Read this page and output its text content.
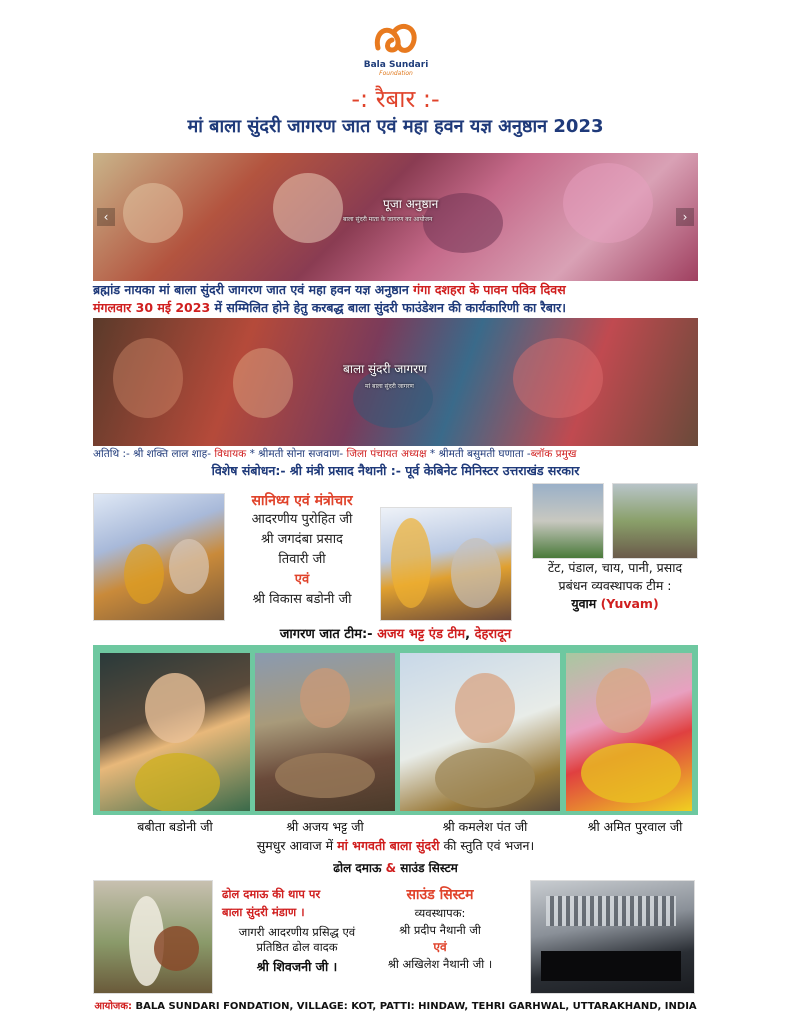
Bala Sundari
Foundation
-: रैबार :-
मां बाला सुंदरी जागरण जात एवं महा हवन यज्ञ अनुष्ठान 2023
पूजा अनुष्ठान
बाला सुंदरी माता के जागरण का आयोजन
‹	›
ब्रह्मांड नायका मां बाला सुंदरी जागरण जात एवं महा हवन यज्ञ अनुष्ठान गंगा दशहरा के पावन पवित्र दिवस
मंगलवार 30 मई 2023 में सम्मिलित होने हेतु करबद्ध बाला सुंदरी फाउंडेशन की कार्यकारिणी का रैबार।
बाला सुंदरी जागरण
मां बाला सुंदरी जागरण
अतिथि :- श्री शक्ति लाल शाह- विधायक * श्रीमती सोना सजवाण- जिला पंचायत अध्यक्ष * श्रीमती बसुमती घणाता -ब्लॉक प्रमुख
विशेष संबोधन:- श्री मंत्री प्रसाद नैथानी :- पूर्व केबिनेट मिनिस्टर उत्तराखंड सरकार
सानिध्य एवं मंत्रोचार
आदरणीय पुरोहित जी
श्री जगदंबा प्रसाद
तिवारी जी
एवं
श्री विकास बडोनी जी
टेंट, पंडाल, चाय, पानी, प्रसाद
प्रबंधन व्यवस्थापक टीम :
युवाम (Yuvam)
जागरण जात टीम:- अजय भट्ट एंड टीम, देहरादून
बबीता बडोनी जी	श्री अजय भट्ट जी	श्री कमलेश पंत जी	श्री अमित पुरवाल जी
सुमधुर आवाज में मां भगवती बाला सुंदरी की स्तुति एवं भजन।
ढोल दमाऊ & साउंड सिस्टम
ढोल दमाऊ की थाप पर
बाला सुंदरी मंडाण ।
जागरी आदरणीय प्रसिद्ध एवं
प्रतिष्ठित ढोल वादक
श्री शिवजनी जी ।
साउंड सिस्टम
व्यवस्थापक:
श्री प्रदीप नैथानी जी
एवं
श्री अखिलेश नैथानी जी ।
आयोजक: BALA SUNDARI FONDATION, VILLAGE: KOT, PATTI: HINDAW, TEHRI GARHWAL, UTTARAKHAND, INDIA
